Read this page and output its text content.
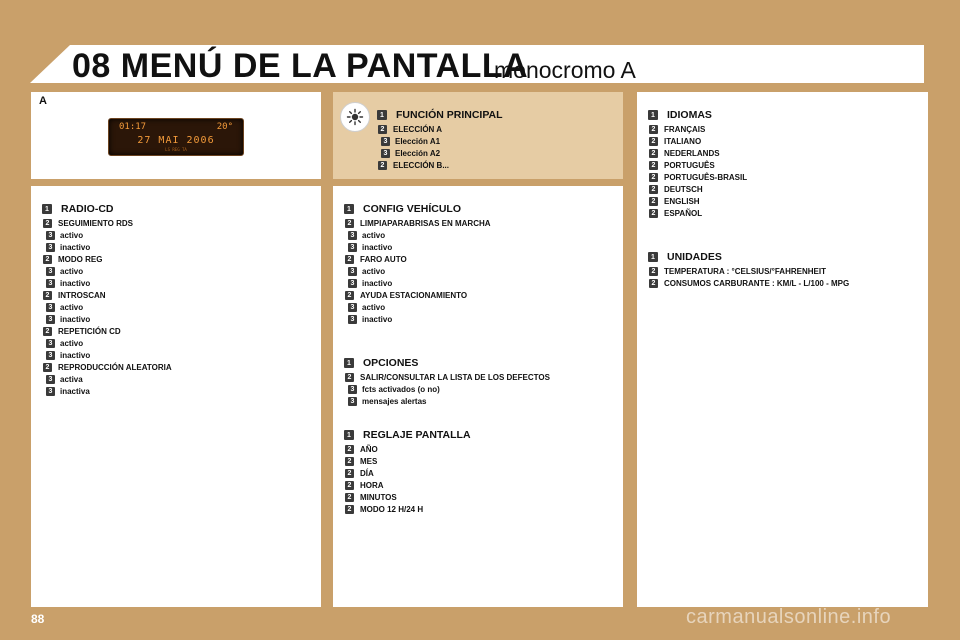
08 MENÚ DE LA PANTALLA
monocromo A
A
01:17	20°
27 MAI 2006
LS REG TA
1 RADIO-CD
2	SEGUIMIENTO RDS
3 activo
3 inactivo
2	MODO REG
3 activo
3 inactivo
2	INTROSCAN
3 activo
3 inactivo
2	REPETICIÓN CD
3 activo
3 inactivo
2	REPRODUCCIÓN ALEATORIA
3 activa
3 inactiva
1 FUNCIÓN PRINCIPAL
2	ELECCIÓN A
3 Elección A1
3 Elección A2
2	ELECCIÓN B...
1 CONFIG VEHÍCULO
2	LIMPIAPARABRISAS EN MARCHA
3 activo
3 inactivo
2	FARO AUTO
3 activo
3 inactivo
2	AYUDA ESTACIONAMIENTO
3 activo
3 inactivo
1 OPCIONES
2	SALIR/CONSULTAR LA LISTA DE LOS DEFECTOS
3 fcts activados (o no)
3 mensajes alertas
1 REGLAJE PANTALLA
2	AÑO
2	MES
2	DÍA
2	HORA
2	MINUTOS
2	MODO 12 H/24 H
1 IDIOMAS
2	FRANÇAIS
2	ITALIANO
2	NEDERLANDS
2	PORTUGUÊS
2	PORTUGUÊS-BRASIL
2	DEUTSCH
2	ENGLISH
2	ESPAÑOL
1 UNIDADES
2	TEMPERATURA : °CELSIUS/°FAHRENHEIT
2	CONSUMOS CARBURANTE : KM/L - L/100 - MPG
88	carmanualsonline.info
